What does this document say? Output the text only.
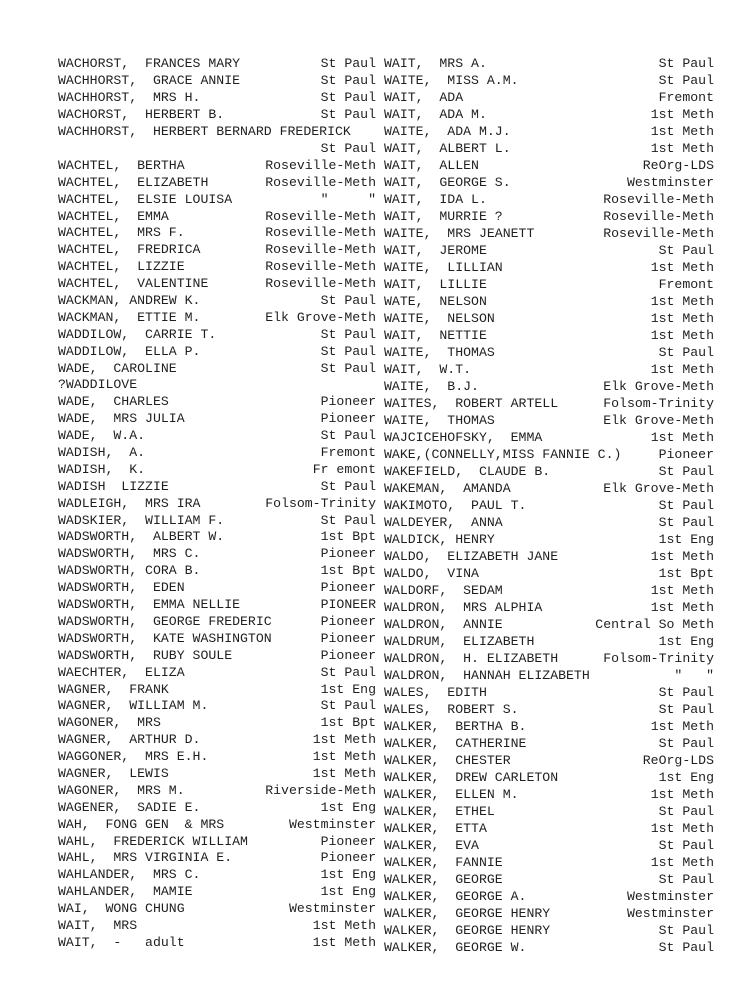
WACHORST,  FRANCES MARY	St Paul
WACHHORST,  GRACE ANNIE	St Paul
WACHHORST,  MRS H.	St Paul
WACHORST,  HERBERT B.	St Paul
WACHHORST,  HERBERT BERNARD FREDERICK
St Paul
WACHTEL,  BERTHA	Roseville-Meth
WACHTEL,  ELIZABETH	Roseville-Meth
WACHTEL,  ELSIE LOUISA	"     "
WACHTEL,  EMMA	Roseville-Meth
WACHTEL,  MRS F.	Roseville-Meth
WACHTEL,  FREDRICA	Roseville-Meth
WACHTEL,  LIZZIE	Roseville-Meth
WACHTEL,  VALENTINE	Roseville-Meth
WACKMAN, ANDREW K.	St Paul
WACKMAN,  ETTIE M.	Elk Grove-Meth
WADDILOW,  CARRIE T.	St Paul
WADDILOW,  ELLA P.	St Paul
WADE,  CAROLINE	St Paul
?WADDILOVE
WADE,  CHARLES	Pioneer
WADE,  MRS JULIA	Pioneer
WADE,  W.A.	St Paul
WADISH,  A.	Fremont
WADISH,  K.	Fr emont
WADISH  LIZZIE	St Paul
WADLEIGH,  MRS IRA	Folsom-Trinity
WADSKIER,  WILLIAM F.	St Paul
WADSWORTH,  ALBERT W.	1st Bpt
WADSWORTH,  MRS C.	Pioneer
WADSWORTH, CORA B.	1st Bpt
WADSWORTH,  EDEN	Pioneer
WADSWORTH,  EMMA NELLIE	PIONEER
WADSWORTH,  GEORGE FREDERIC	Pioneer
WADSWORTH,  KATE WASHINGTON	Pioneer
WADSWORTH,  RUBY SOULE	Pioneer
WAECHTER,  ELIZA	St Paul
WAGNER,  FRANK	1st Eng
WAGNER,  WILLIAM M.	St Paul
WAGONER,  MRS	1st Bpt
WAGNER,  ARTHUR D.	1st Meth
WAGGONER,  MRS E.H.	1st Meth
WAGNER,  LEWIS	1st Meth
WAGONER,  MRS M.	Riverside-Meth
WAGENER,  SADIE E.	1st Eng
WAH,  FONG GEN  & MRS	Westminster
WAHL,  FREDERICK WILLIAM	Pioneer
WAHL,  MRS VIRGINIA E.	Pioneer
WAHLANDER,  MRS C.	1st Eng
WAHLANDER,  MAMIE	1st Eng
WAI,  WONG CHUNG	Westminster
WAIT,  MRS	1st Meth
WAIT,  -   adult	1st Meth
WAIT,  MRS A.	St Paul
WAITE,  MISS A.M.	St Paul
WAIT,  ADA	Fremont
WAIT,  ADA M.	1st Meth
WAITE,  ADA M.J.	1st Meth
WAIT,  ALBERT L.	1st Meth
WAIT,  ALLEN	ReOrg-LDS
WAIT,  GEORGE S.	Westminster
WAIT,  IDA L.	Roseville-Meth
WAIT,  MURRIE ?	Roseville-Meth
WAITE,  MRS JEANETT	Roseville-Meth
WAIT,  JEROME	St Paul
WAITE,  LILLIAN	1st Meth
WAIT,  LILLIE	Fremont
WATE,  NELSON	1st Meth
WAITE,  NELSON	1st Meth
WAIT,  NETTIE	1st Meth
WAITE,  THOMAS	St Paul
WAIT,  W.T.	1st Meth
WAITE,  B.J.	Elk Grove-Meth
WAITES,  ROBERT ARTELL	Folsom-Trinity
WAITE,  THOMAS	Elk Grove-Meth
WAJCICEHOFSKY,  EMMA	1st Meth
WAKE,(CONNELLY,MISS FANNIE C.)	Pioneer
WAKEFIELD,  CLAUDE B.	St Paul
WAKEMAN,  AMANDA	Elk Grove-Meth
WAKIMOTO,  PAUL T.	St Paul
WALDEYER,  ANNA	St Paul
WALDICK, HENRY	1st Eng
WALDO,  ELIZABETH JANE	1st Meth
WALDO,  VINA	1st Bpt
WALDORF,  SEDAM	1st Meth
WALDRON,  MRS ALPHIA	1st Meth
WALDRON,  ANNIE	Central So Meth
WALDRUM,  ELIZABETH	1st Eng
WALDRON,  H. ELIZABETH	Folsom-Trinity
WALDRON,  HANNAH ELIZABETH	"   "
WALES,  EDITH	St Paul
WALES,  ROBERT S.	St Paul
WALKER,  BERTHA B.	1st Meth
WALKER,  CATHERINE	St Paul
WALKER,  CHESTER	ReOrg-LDS
WALKER,  DREW CARLETON	1st Eng
WALKER,  ELLEN M.	1st Meth
WALKER,  ETHEL	St Paul
WALKER,  ETTA	1st Meth
WALKER,  EVA	St Paul
WALKER,  FANNIE	1st Meth
WALKER,  GEORGE	St Paul
WALKER,  GEORGE A.	Westminster
WALKER,  GEORGE HENRY	Westminster
WALKER,  GEORGE HENRY	St Paul
WALKER,  GEORGE W.	St Paul
